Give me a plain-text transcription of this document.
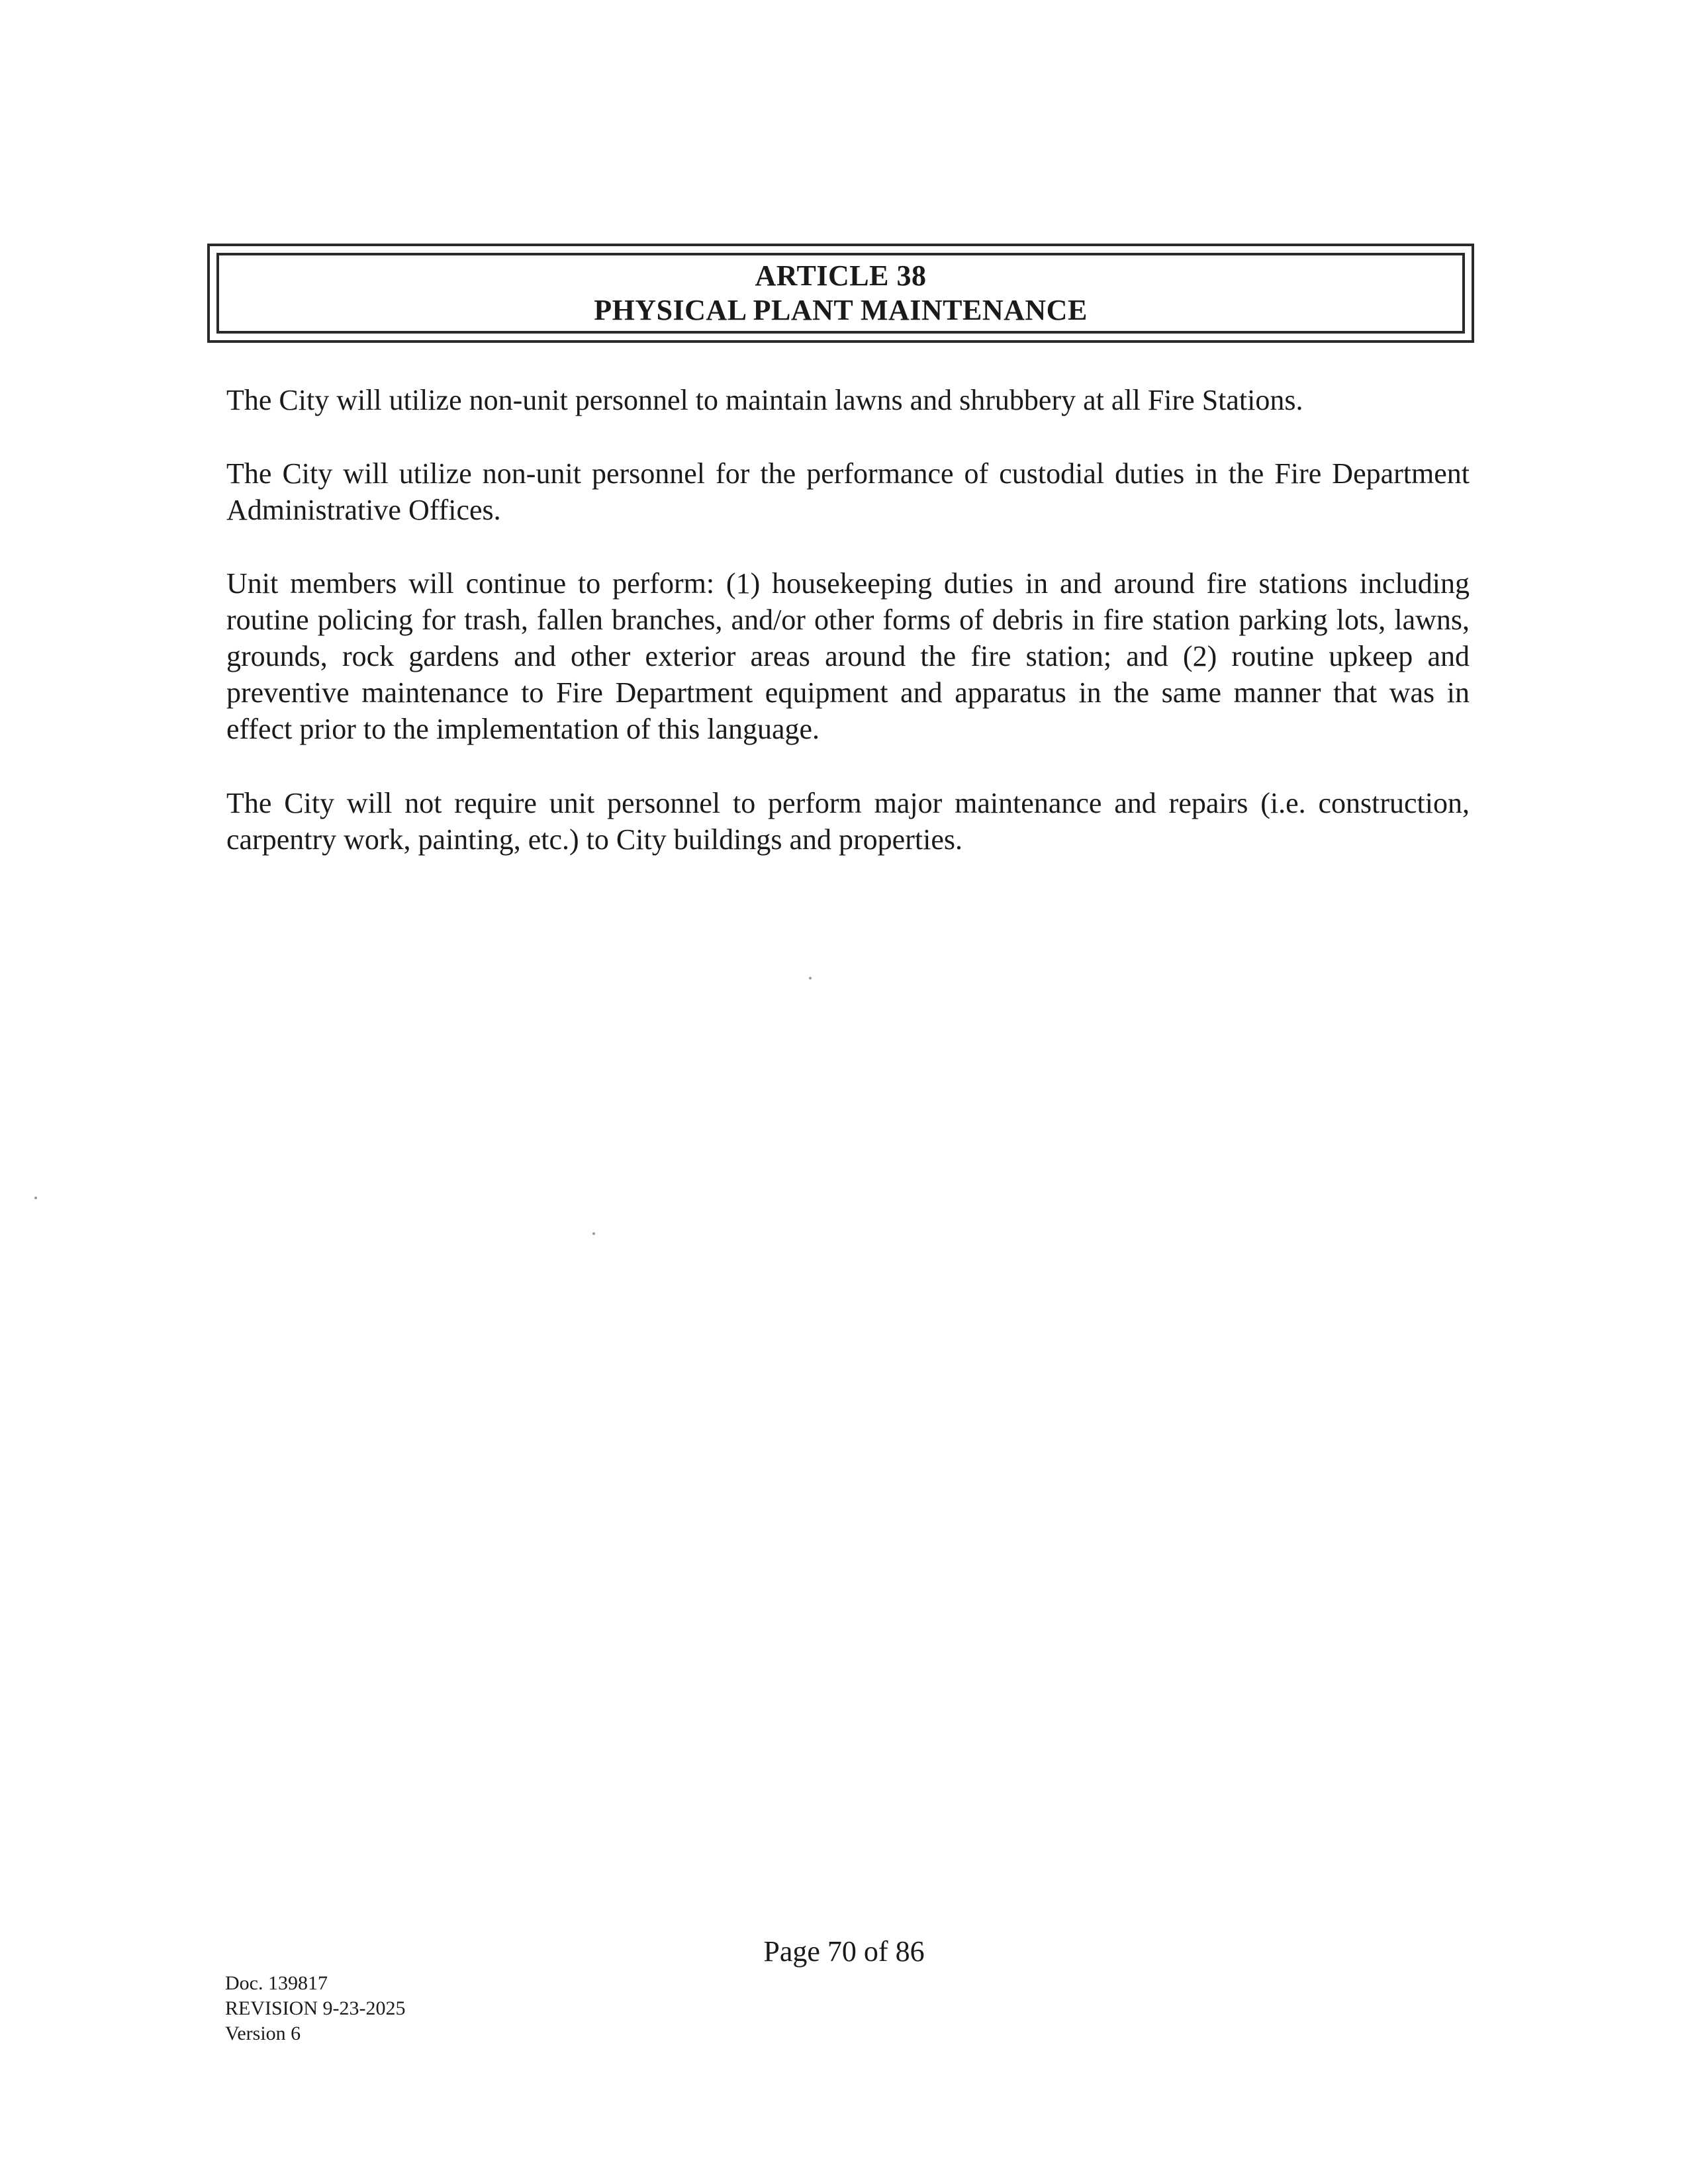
ARTICLE 38
PHYSICAL PLANT MAINTENANCE
The City will utilize non-unit personnel to maintain lawns and shrubbery at all Fire Stations.
The City will utilize non-unit personnel for the performance of custodial duties in the Fire Department Administrative Offices.
Unit members will continue to perform: (1) housekeeping duties in and around fire stations including routine policing for trash, fallen branches, and/or other forms of debris in fire station parking lots, lawns, grounds, rock gardens and other exterior areas around the fire station; and (2) routine upkeep and preventive maintenance to Fire Department equipment and apparatus in the same manner that was in effect prior to the implementation of this language.
The City will not require unit personnel to perform major maintenance and repairs (i.e. construction, carpentry work, painting, etc.) to City buildings and properties.
Page 70 of 86
Doc. 139817
REVISION 9-23-2025
Version 6
